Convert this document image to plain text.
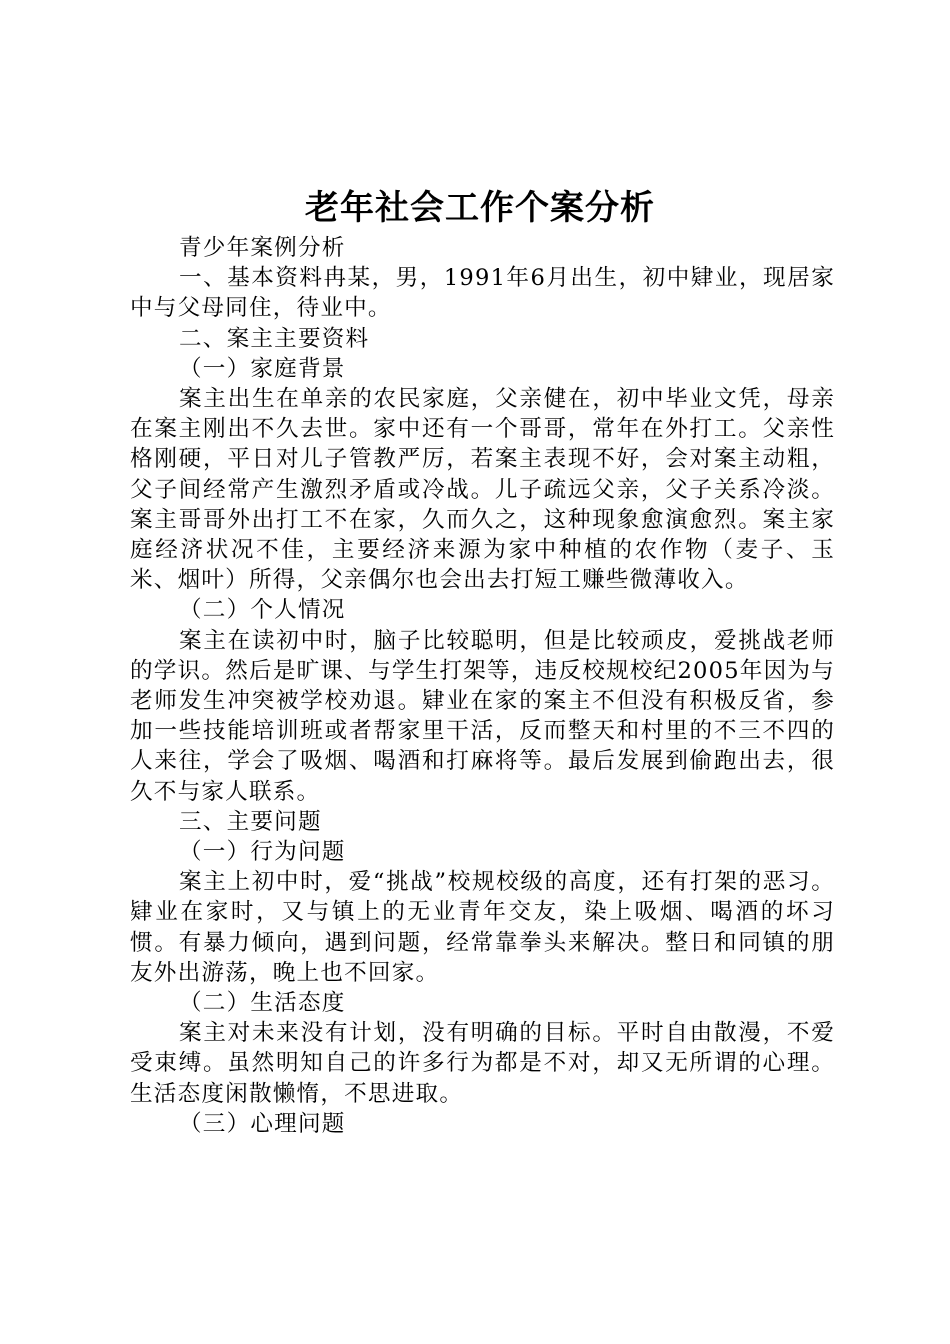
老年社会工作个案分析

青少年案例分析

一、基本资料冉某，男，1991年6月出生，初中肄业，现居家中与父母同住，待业中。

二、案主主要资料

（一）家庭背景

案主出生在单亲的农民家庭，父亲健在，初中毕业文凭，母亲在案主刚出不久去世。家中还有一个哥哥，常年在外打工。父亲性格刚硬，平日对儿子管教严厉，若案主表现不好，会对案主动粗，父子间经常产生激烈矛盾或冷战。儿子疏远父亲，父子关系冷淡。案主哥哥外出打工不在家，久而久之，这种现象愈演愈烈。案主家庭经济状况不佳，主要经济来源为家中种植的农作物（麦子、玉米、烟叶）所得，父亲偶尔也会出去打短工赚些微薄收入。

（二）个人情况

案主在读初中时，脑子比较聪明，但是比较顽皮，爱挑战老师的学识。然后是旷课、与学生打架等，违反校规校纪2005年因为与老师发生冲突被学校劝退。肄业在家的案主不但没有积极反省，参加一些技能培训班或者帮家里干活，反而整天和村里的不三不四的人来往，学会了吸烟、喝酒和打麻将等。最后发展到偷跑出去，很久不与家人联系。

三、主要问题

（一）行为问题

案主上初中时，爱“挑战”校规校级的高度，还有打架的恶习。肄业在家时，又与镇上的无业青年交友，染上吸烟、喝酒的坏习惯。有暴力倾向，遇到问题，经常靠拳头来解决。整日和同镇的朋友外出游荡，晚上也不回家。

（二）生活态度

案主对未来没有计划，没有明确的目标。平时自由散漫，不爱受束缚。虽然明知自己的许多行为都是不对，却又无所谓的心理。生活态度闲散懒惰，不思进取。

（三）心理问题
